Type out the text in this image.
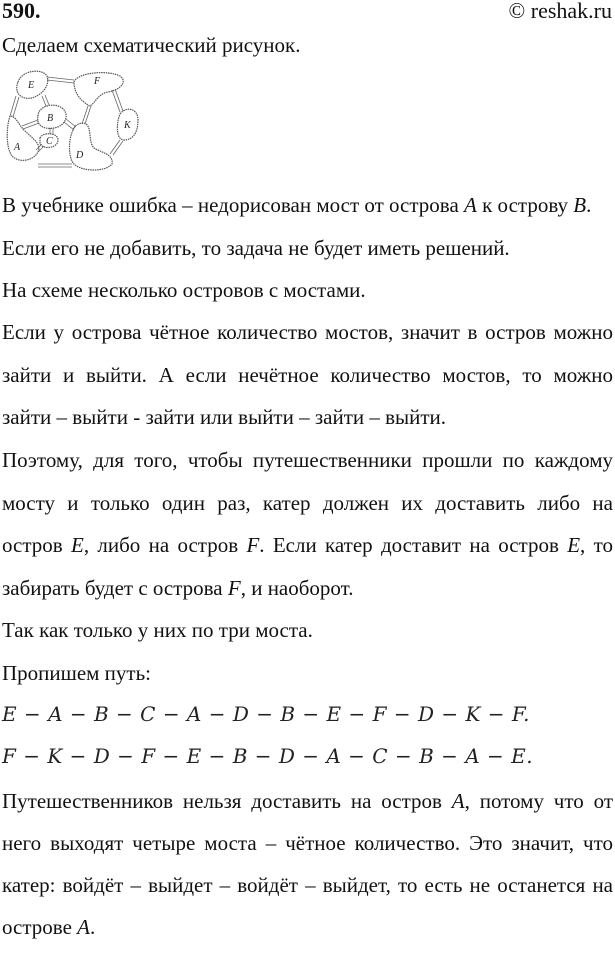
590.	© reshak.ru
Сделаем схематический рисунок.
E	F
B
K
A
C
D
В учебнике ошибка – недорисован мост от острова A к острову B.
Если его не добавить, то задача не будет иметь решений.
На схеме несколько островов с мостами.
Если у острова чётное количество мостов, значит в остров можно
зайти и выйти. А если нечётное количество мостов, то можно
зайти – выйти - зайти или выйти – зайти – выйти.
Поэтому, для того, чтобы путешественники прошли по каждому
мосту и только один раз, катер должен их доставить либо на
остров E, либо на остров F. Если катер доставит на остров E, то
забирать будет с острова F, и наоборот.
Так как только у них по три моста.
Пропишем путь:
E − A − B − C − A − D − B − E − F − D − K − F.
F − K − D − F − E − B − D − A − C − B − A − E.
Путешественников нельзя доставить на остров A, потому что от
него выходят четыре моста – чётное количество. Это значит, что
катер: войдёт – выйдет – войдёт – выйдет, то есть не останется на
острове A.
